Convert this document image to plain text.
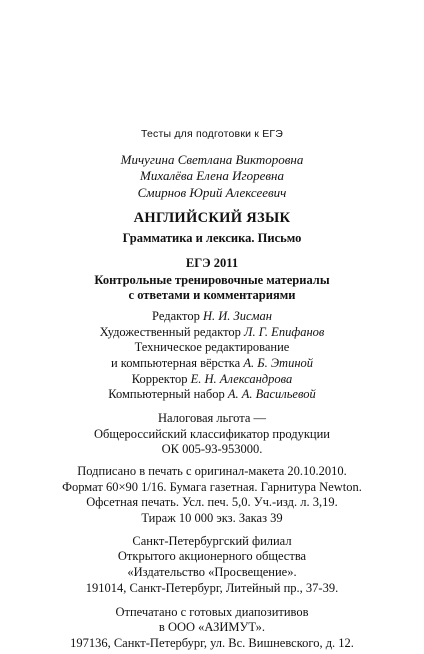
Тесты для подготовки к ЕГЭ
Мичугина Светлана Викторовна
Михалёва Елена Игоревна
Смирнов Юрий Алексеевич
АНГЛИЙСКИЙ ЯЗЫК
Грамматика и лексика. Письмо
ЕГЭ 2011
Контрольные тренировочные материалы
с ответами и комментариями
Редактор Н. И. Зисман
Художественный редактор Л. Г. Епифанов
Техническое редактирование
и компьютерная вёрстка А. Б. Этиной
Корректор Е. Н. Александрова
Компьютерный набор А. А. Васильевой
Налоговая льгота —
Общероссийский классификатор продукции
ОК 005-93-953000.
Подписано в печать с оригинал-макета 20.10.2010.
Формат 60×90 1/16. Бумага газетная. Гарнитура Newton.
Офсетная печать. Усл. печ. 5,0. Уч.-изд. л. 3,19.
Тираж 10 000 экз. Заказ 39
Санкт-Петербургский филиал
Открытого акционерного общества
«Издательство «Просвещение».
191014, Санкт-Петербург, Литейный пр., 37-39.
Отпечатано с готовых диапозитивов
в ООО «АЗИМУТ».
197136, Санкт-Петербург, ул. Вс. Вишневского, д. 12.
